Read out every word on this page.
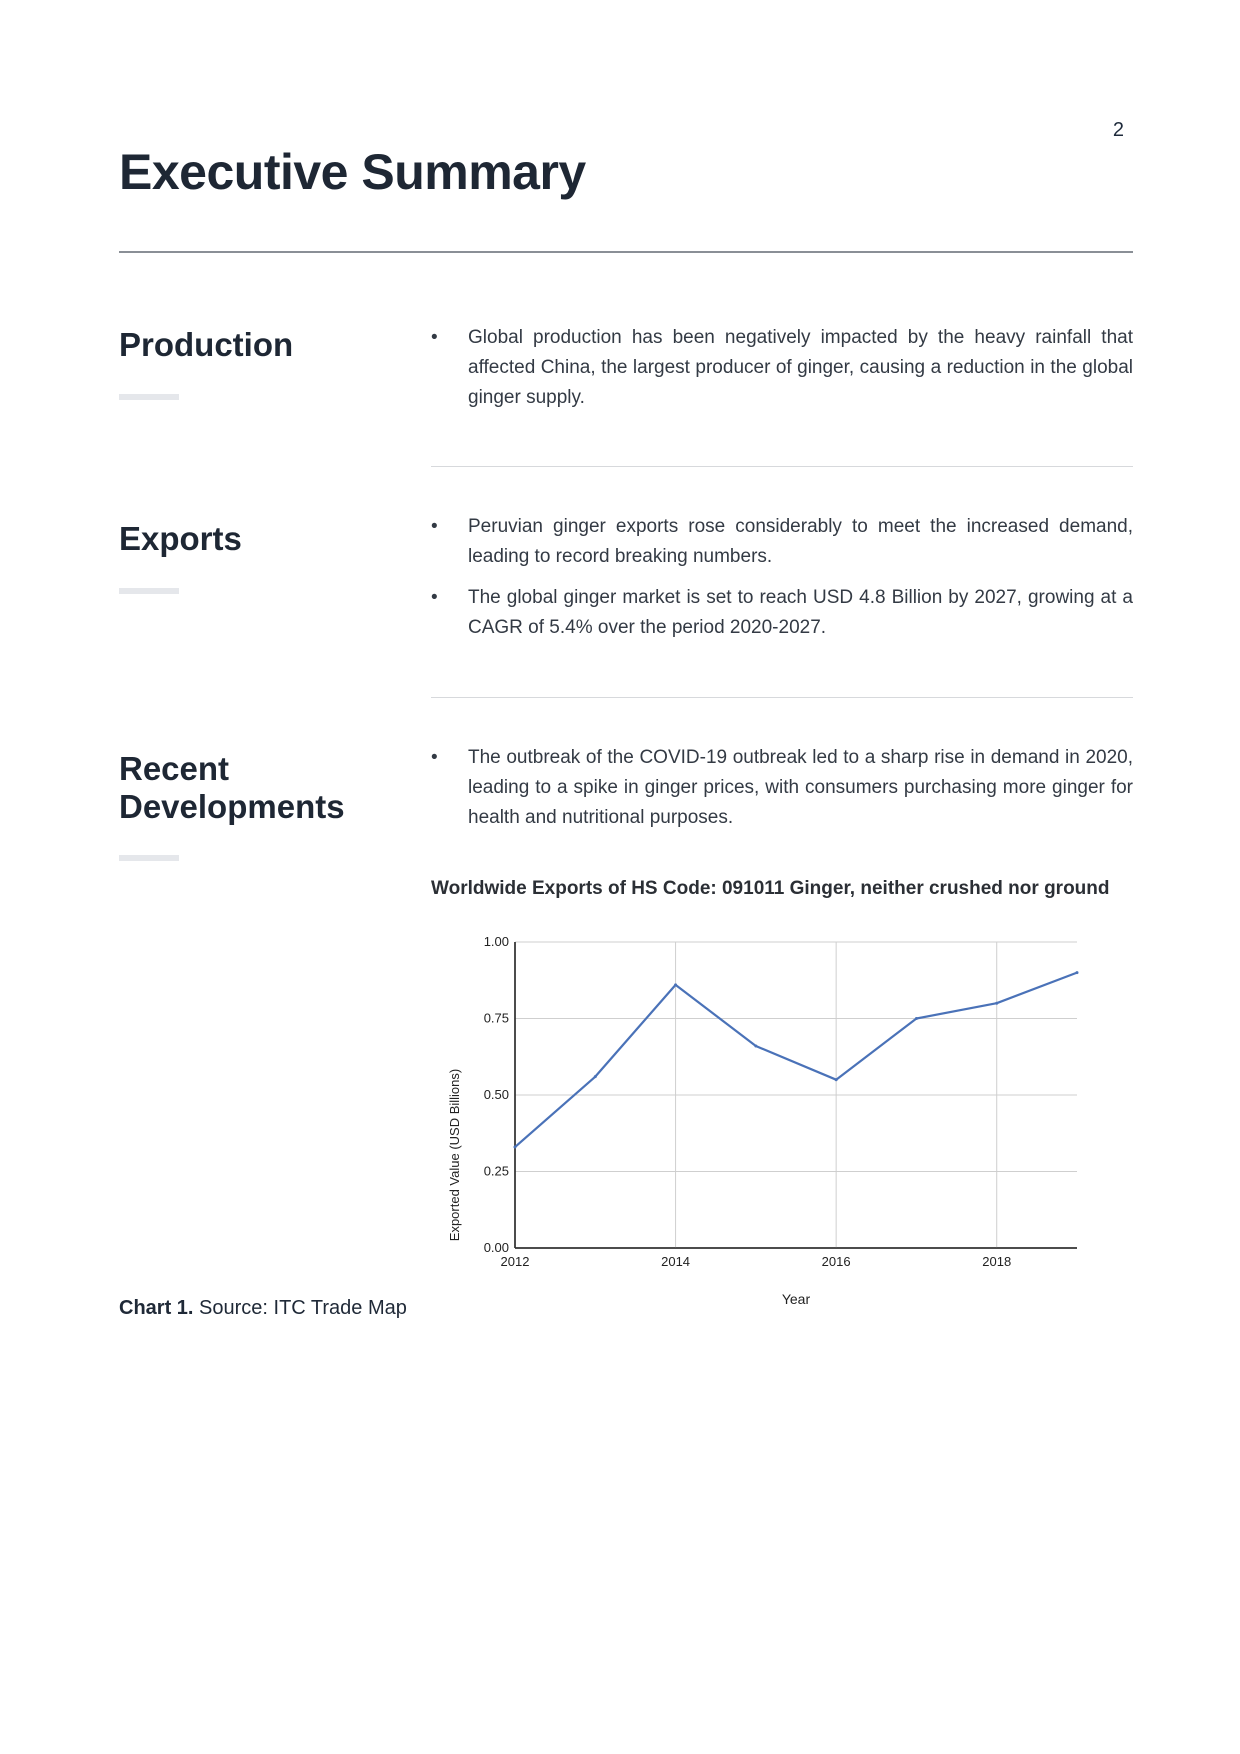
2
Executive Summary
Production	• Global production has been negatively impacted by the heavy rainfall that affected China, the largest producer of ginger, causing a reduction in the global ginger supply.
Exports	• Peruvian ginger exports rose considerably to meet the increased demand, leading to record breaking numbers.
• The global ginger market is set to reach USD 4.8 Billion by 2027, growing at a CAGR of 5.4% over the period 2020-2027.
Recent Developments
• The outbreak of the COVID-19 outbreak led to a sharp rise in demand in 2020, leading to a spike in ginger prices, with consumers purchasing more ginger for health and nutritional purposes.
Worldwide Exports of HS Code: 091011 Ginger, neither crushed nor ground
0.00
0.25
0.50
0.75
1.00
2012	2014	2016	2018
Year
Exported Value (USD Billions)
Chart 1. Source: ITC Trade Map
